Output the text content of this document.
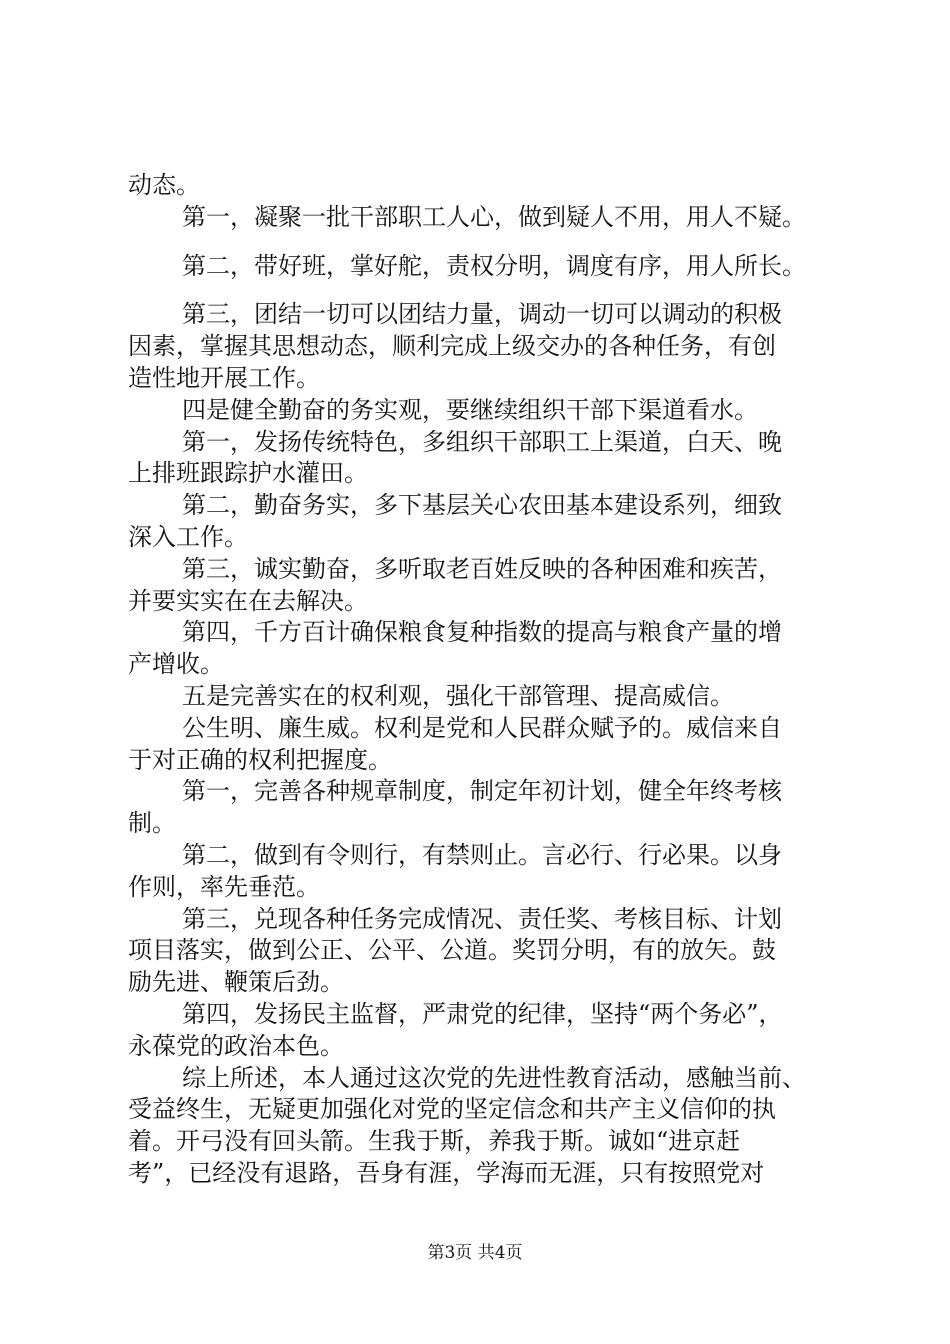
动态。
第一，凝聚一批干部职工人心，做到疑人不用，用人不疑。
第二，带好班，掌好舵，责权分明，调度有序，用人所长。
第三，团结一切可以团结力量，调动一切可以调动的积极
因素，掌握其思想动态，顺利完成上级交办的各种任务，有创
造性地开展工作。
四是健全勤奋的务实观，要继续组织干部下渠道看水。
第一，发扬传统特色，多组织干部职工上渠道，白天、晚
上排班跟踪护水灌田。
第二，勤奋务实，多下基层关心农田基本建设系列，细致
深入工作。
第三，诚实勤奋，多听取老百姓反映的各种困难和疾苦，
并要实实在在去解决。
第四，千方百计确保粮食复种指数的提高与粮食产量的增
产增收。
五是完善实在的权利观，强化干部管理、提高威信。
公生明、廉生威。权利是党和人民群众赋予的。威信来自
于对正确的权利把握度。
第一，完善各种规章制度，制定年初计划，健全年终考核
制。
第二，做到有令则行，有禁则止。言必行、行必果。以身
作则，率先垂范。
第三，兑现各种任务完成情况、责任奖、考核目标、计划
项目落实，做到公正、公平、公道。奖罚分明，有的放矢。鼓
励先进、鞭策后劲。
第四，发扬民主监督，严肃党的纪律，坚持“两个务必”，
永葆党的政治本色。
综上所述，本人通过这次党的先进性教育活动，感触当前、
受益终生，无疑更加强化对党的坚定信念和共产主义信仰的执
着。开弓没有回头箭。生我于斯，养我于斯。诚如“进京赶
考”，已经没有退路，吾身有涯，学海而无涯，只有按照党对
第3页 共4页
